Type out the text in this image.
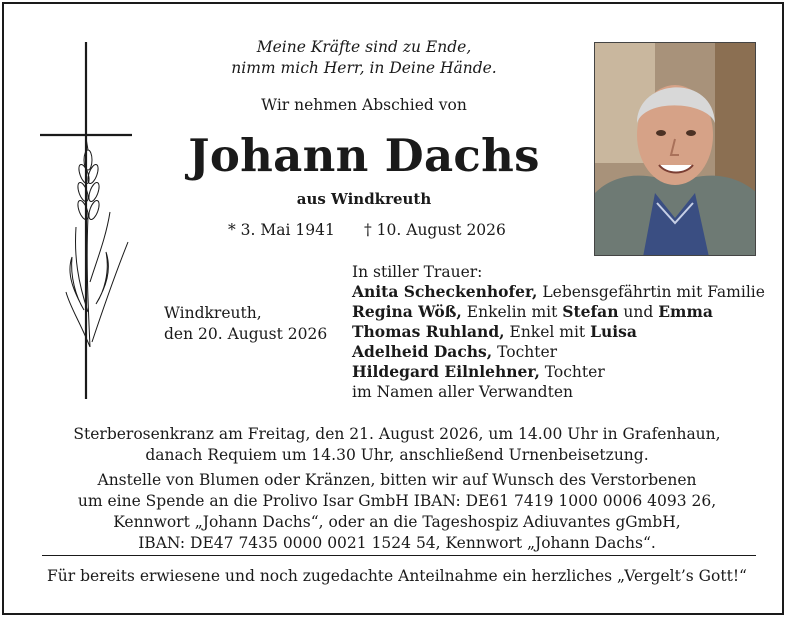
Meine Kräfte sind zu Ende,
nimm mich Herr, in Deine Hände.
Wir nehmen Abschied von
Johann Dachs
aus Windkreuth
* 3. Mai 1941 † 10. August 2026
Windkreuth,
den 20. August 2026
In stiller Trauer:
Anita Scheckenhofer, Lebensgefährtin mit Familie
Regina Wöß, Enkelin mit Stefan und Emma
Thomas Ruhland, Enkel mit Luisa
Adelheid Dachs, Tochter
Hildegard Eilnlehner, Tochter
im Namen aller Verwandten
Sterberosenkranz am Freitag, den 21. August 2026, um 14.00 Uhr in Grafenhaun,
danach Requiem um 14.30 Uhr, anschließend Urnenbeisetzung.
Anstelle von Blumen oder Kränzen, bitten wir auf Wunsch des Verstorbenen
um eine Spende an die Prolivo Isar GmbH IBAN: DE61 7419 1000 0006 4093 26,
Kennwort „Johann Dachs“, oder an die Tageshospiz Adiuvantes gGmbH,
IBAN: DE47 7435 0000 0021 1524 54, Kennwort „Johann Dachs“.
Für bereits erwiesene und noch zugedachte Anteilnahme ein herzliches „Vergelt’s Gott!“
